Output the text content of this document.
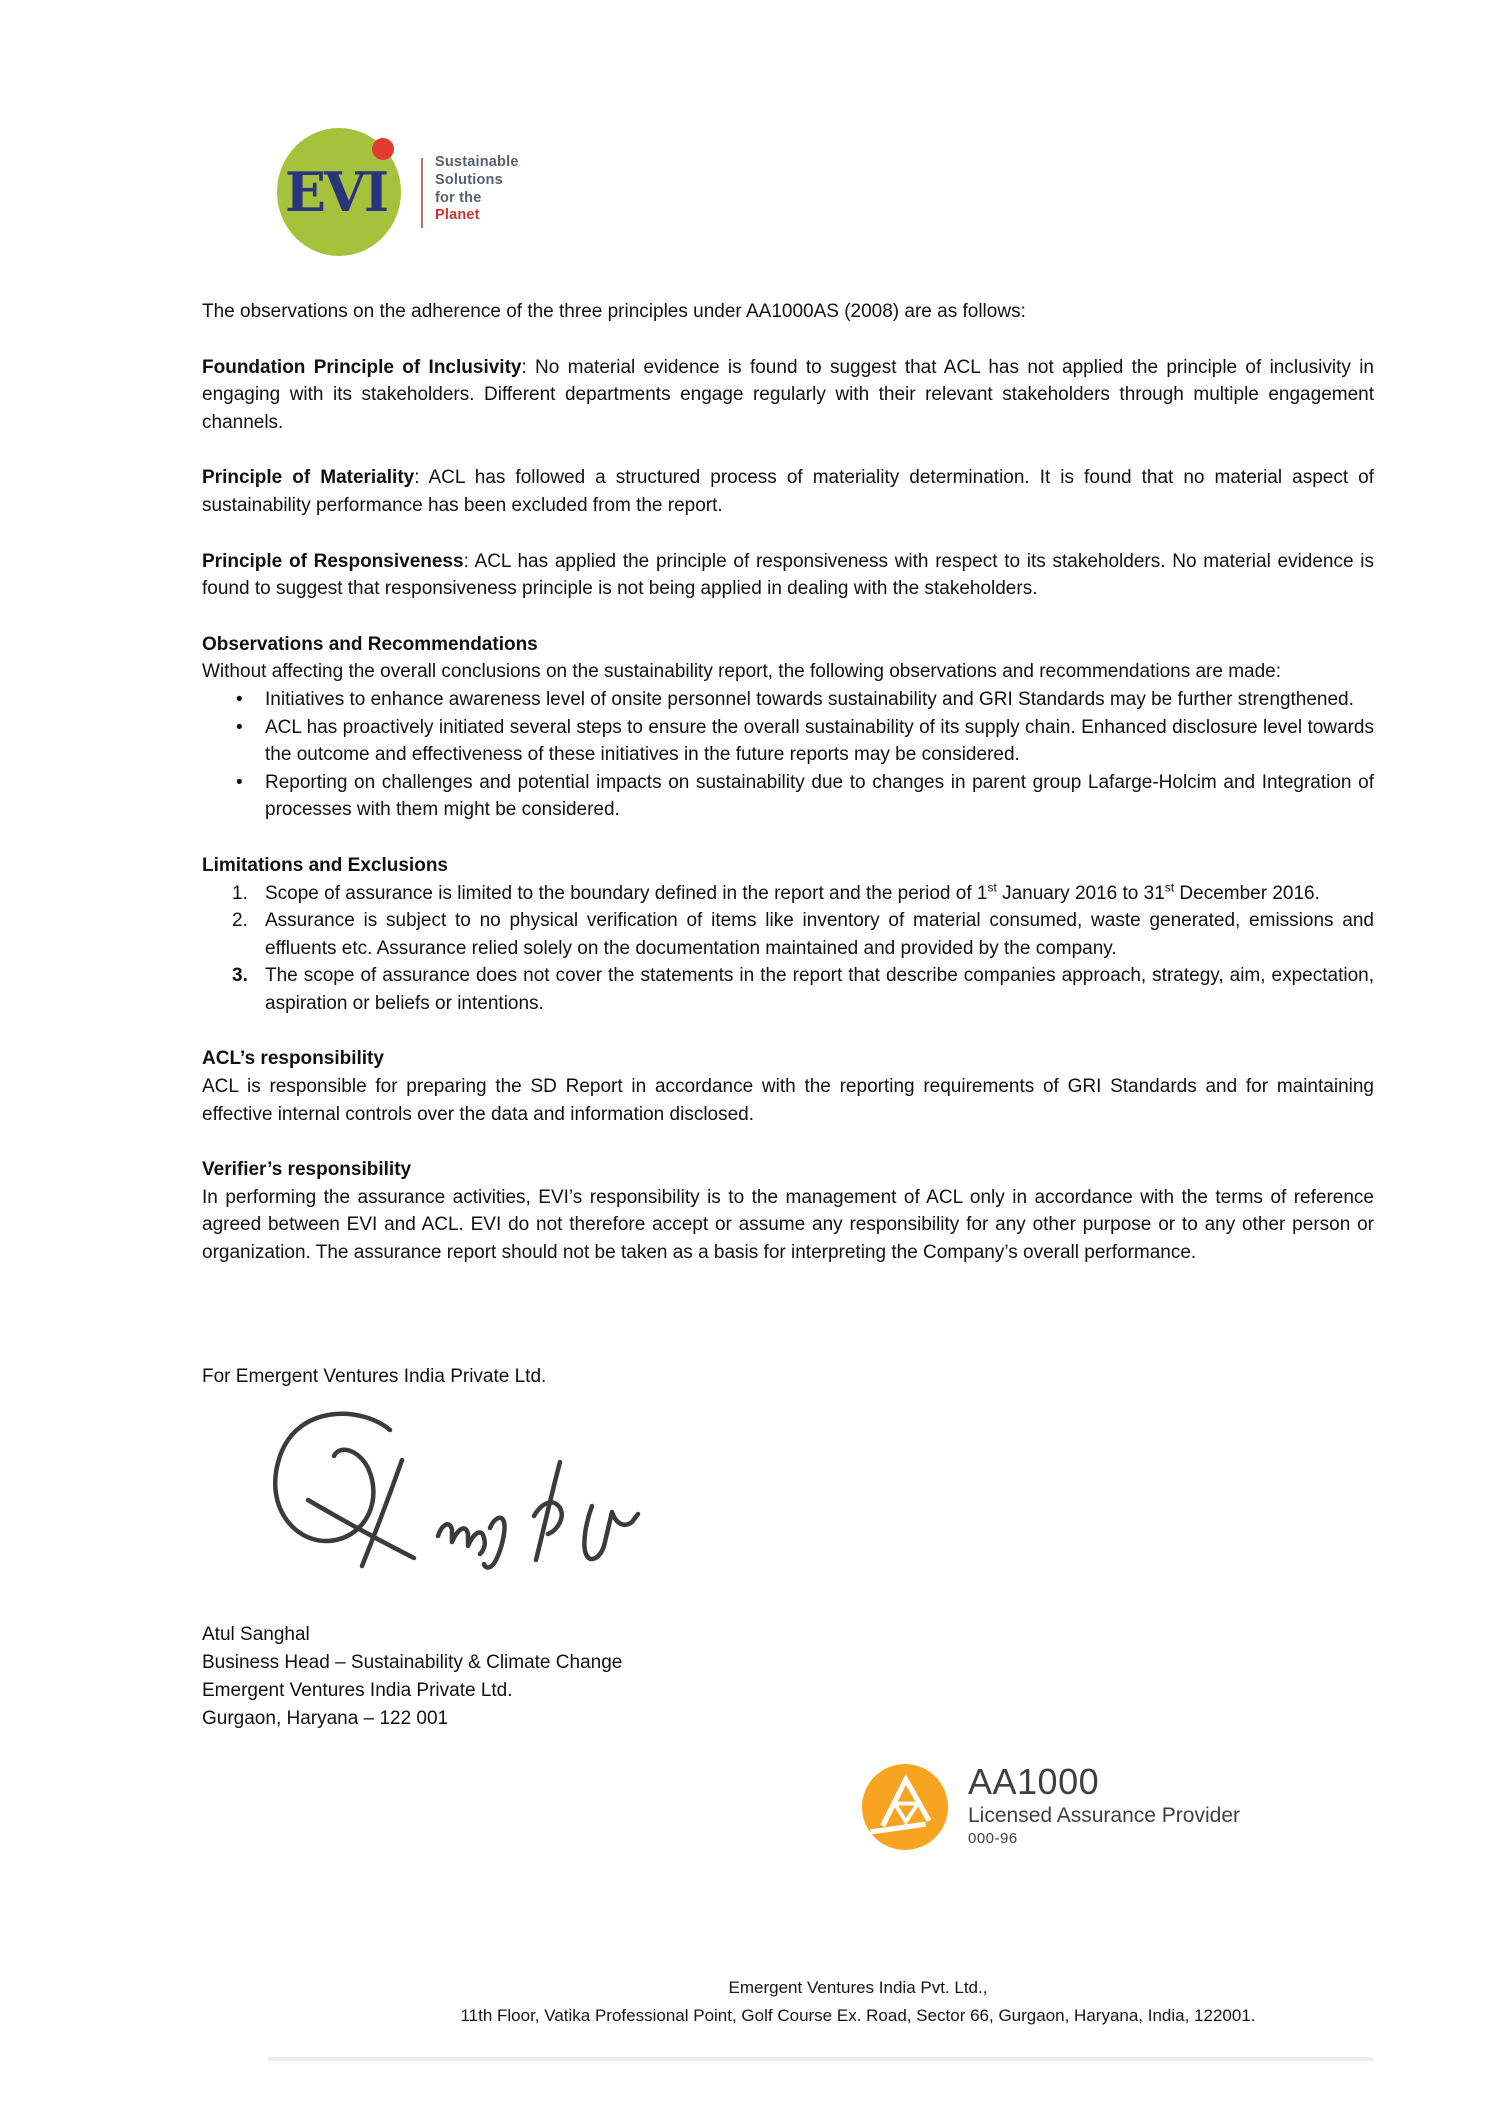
EVI	Sustainable
Solutions
for the
Planet

The observations on the adherence of the three principles under AA1000AS (2008) are as follows:

Foundation Principle of Inclusivity: No material evidence is found to suggest that ACL has not applied the principle of inclusivity in engaging with its stakeholders. Different departments engage regularly with their relevant stakeholders through multiple engagement channels.

Principle of Materiality: ACL has followed a structured process of materiality determination. It is found that no material aspect of sustainability performance has been excluded from the report.

Principle of Responsiveness: ACL has applied the principle of responsiveness with respect to its stakeholders. No material evidence is found to suggest that responsiveness principle is not being applied in dealing with the stakeholders.

Observations and Recommendations

Without affecting the overall conclusions on the sustainability report, the following observations and recommendations are made:

• Initiatives to enhance awareness level of onsite personnel towards sustainability and GRI Standards may be further strengthened.
• ACL has proactively initiated several steps to ensure the overall sustainability of its supply chain. Enhanced disclosure level towards the outcome and effectiveness of these initiatives in the future reports may be considered.
• Reporting on challenges and potential impacts on sustainability due to changes in parent group Lafarge-Holcim and Integration of processes with them might be considered.

Limitations and Exclusions

1. Scope of assurance is limited to the boundary defined in the report and the period of 1st January 2016 to 31st December 2016.
2. Assurance is subject to no physical verification of items like inventory of material consumed, waste generated, emissions and effluents etc. Assurance relied solely on the documentation maintained and provided by the company.
3. The scope of assurance does not cover the statements in the report that describe companies approach, strategy, aim, expectation, aspiration or beliefs or intentions.

ACL’s responsibility

ACL is responsible for preparing the SD Report in accordance with the reporting requirements of GRI Standards and for maintaining effective internal controls over the data and information disclosed.

Verifier’s responsibility

In performing the assurance activities, EVI’s responsibility is to the management of ACL only in accordance with the terms of reference agreed between EVI and ACL. EVI do not therefore accept or assume any responsibility for any other purpose or to any other person or organization. The assurance report should not be taken as a basis for interpreting the Company’s overall performance.

For Emergent Ventures India Private Ltd.

Atul Sanghal
Business Head – Sustainability & Climate Change
Emergent Ventures India Private Ltd.
Gurgaon, Haryana – 122 001
AA1000
Licensed Assurance Provider
000-96
Emergent Ventures India Pvt. Ltd.,
11th Floor, Vatika Professional Point, Golf Course Ex. Road, Sector 66, Gurgaon, Haryana, India, 122001.
